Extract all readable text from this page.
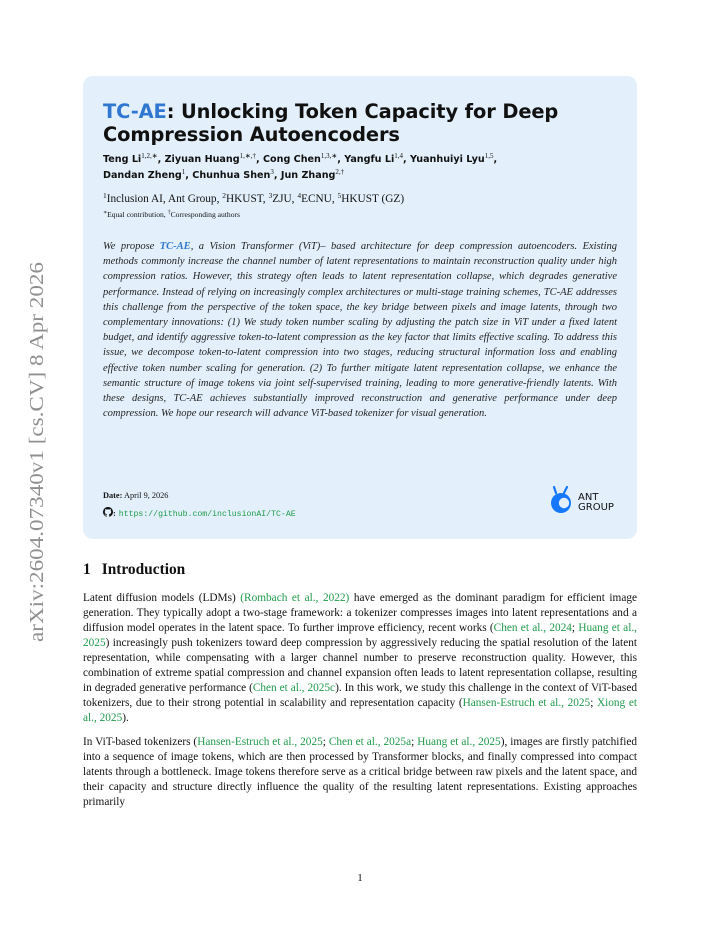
arXiv:2604.07340v1 [cs.CV] 8 Apr 2026
TC-AE: Unlocking Token Capacity for Deep Compression Autoencoders
Teng $Li^{1,2,∗}$, Ziyuan Huang$^{1,∗,\dagger}$, Cong Chen$^{1,3,∗}$, Yangfu Li$^{1,4}$, Yuanhuiyi Lyu$^{1,5}$,
Dandan Zheng$^1$, Chunhua Shen$^3$, Jun Zhang$^{2,\dagger}$
$^1$Inclusion AI, Ant Group, $^2$HKUST, $^3$ZJU, $^4$ECNU, $^5$HKUST (GZ)
∗Equal contribution, †Corresponding authors

We propose TC-AE, a Vision Transformer (ViT)– based architecture for deep compression autoencoders. Existing methods commonly increase the channel number of latent representations to maintain reconstruction quality under high compression ratios. However, this strategy often leads to latent representation collapse, which degrades generative performance. Instead of relying on increasingly complex architectures or multi-stage training schemes, TC-AE addresses this challenge from the perspective of the token space, the key bridge between pixels and image latents, through two complementary innovations: (1) We study token number scaling by adjusting the patch size in ViT under a fixed latent budget, and identify aggressive token-to-latent compression as the key factor that limits effective scaling. To address this issue, we decompose token-to-latent compression into two stages, reducing structural information loss and enabling effective token number scaling for generation. (2) To further mitigate latent representation collapse, we enhance the semantic structure of image tokens via joint self-supervised training, leading to more generative-friendly latents. With these designs, TC-AE achieves substantially improved reconstruction and generative performance under deep compression. We hope our research will advance ViT-based tokenizer for visual generation.

Date: April 9, 2026
: https://github.com/inclusionAI/TC-AE
ANT
GROUP
1 Introduction

Latent diffusion models (LDMs) (Rombach et al., 2022) have emerged as the dominant paradigm for efficient image generation. They typically adopt a two-stage framework: a tokenizer compresses images into latent representations and a diffusion model operates in the latent space. To further improve efficiency, recent works (Chen et al., 2024; Huang et al., 2025) increasingly push tokenizers toward deep compression by aggressively reducing the spatial resolution of the latent representation, while compensating with a larger channel number to preserve reconstruction quality. However, this combination of extreme spatial compression and channel expansion often leads to latent representation collapse, resulting in degraded generative performance (Chen et al., 2025c). In this work, we study this challenge in the context of ViT-based tokenizers, due to their strong potential in scalability and representation capacity (Hansen-Estruch et al., 2025; Xiong et al., 2025).

In ViT-based tokenizers (Hansen-Estruch et al., 2025; Chen et al., 2025a; Huang et al., 2025), images are firstly patchified into a sequence of image tokens, which are then processed by Transformer blocks, and finally compressed into compact latents through a bottleneck. Image tokens therefore serve as a critical bridge between raw pixels and the latent space, and their capacity and structure directly influence the quality of the resulting latent representations. Existing approaches primarily

1
